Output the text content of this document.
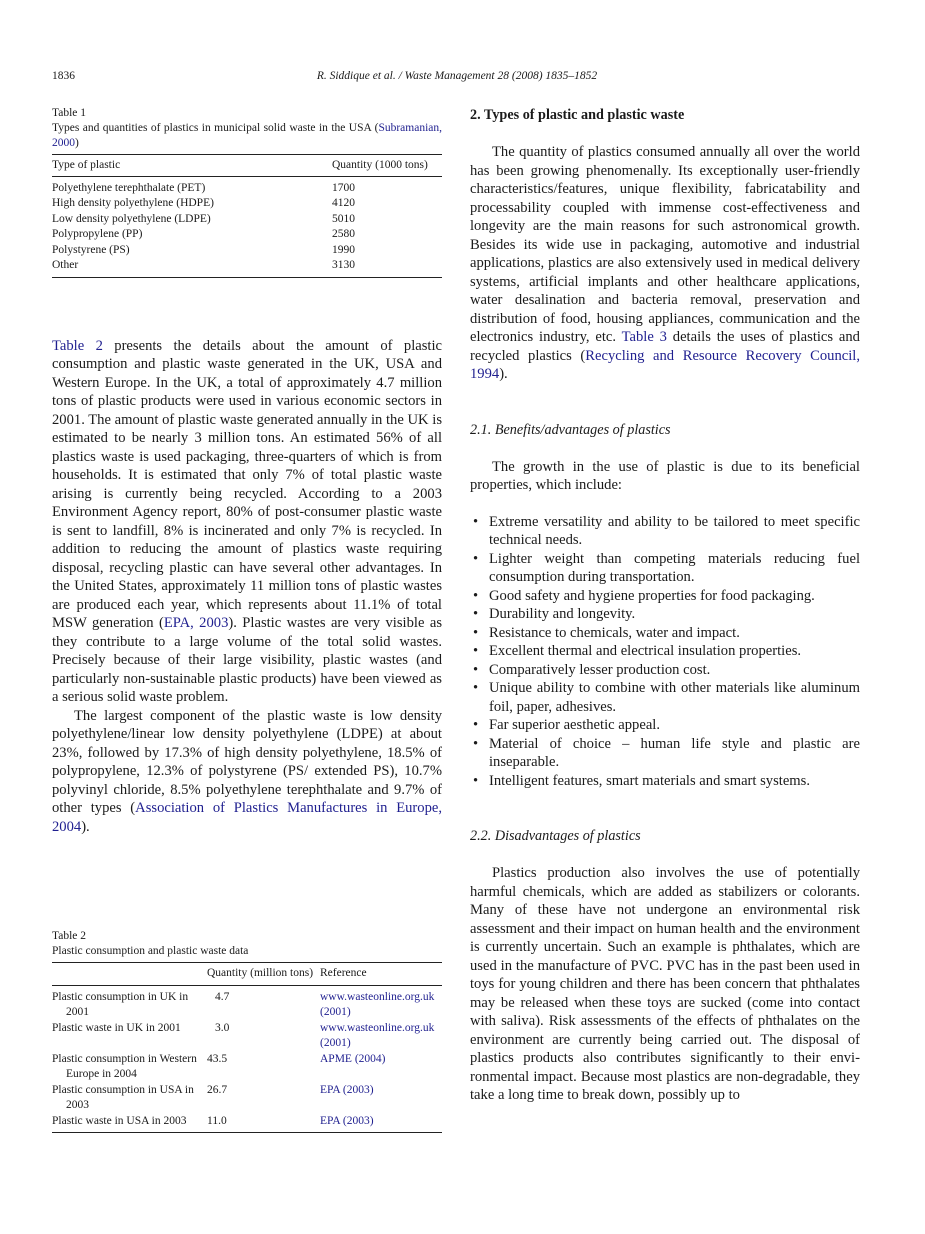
R. Siddique et al. / Waste Management 28 (2008) 1835–1852
1836
Table 1
Types and quantities of plastics in municipal solid waste in the USA (Subramanian, 2000)
Type of plastic	Quantity (1000 tons)
Polyethylene terephthalate (PET)	1700
High density polyethylene (HDPE)	4120
Low density polyethylene (LDPE)	5010
Polypropylene (PP)	2580
Polystyrene (PS)	1990
Other	3130

Table 2 presents the details about the amount of plastic consumption and plastic waste generated in the UK, USA and Western Europe. In the UK, a total of approximately 4.7 million tons of plastic products were used in various economic sectors in 2001. The amount of plastic waste generated annually in the UK is estimated to be nearly 3 million tons. An estimated 56% of all plastics waste is used packaging, three-quarters of which is from households. It is estimated that only 7% of total plastic waste arising is currently being recycled. According to a 2003 Environment Agency report, 80% of post-consumer plastic waste is sent to landfill, 8% is incinerated and only 7% is recycled. In addition to reducing the amount of plastics waste requiring disposal, recycling plastic can have several other advantages. In the United States, approximately 11 million tons of plastic wastes are produced each year, which represents about 11.1% of total MSW generation (EPA, 2003). Plastic wastes are very visible as they contribute to a large volume of the total solid wastes. Precisely because of their large visibility, plastic wastes (and particularly non-sustainable plastic products) have been viewed as a serious solid waste problem.

The largest component of the plastic waste is low density polyethylene/linear low density polyethylene (LDPE) at about 23%, followed by 17.3% of high density polyethylene, 18.5% of polypropylene, 12.3% of polystyrene (PS/ extended PS), 10.7% polyvinyl chloride, 8.5% polyethylene terephthalate and 9.7% of other types (Association of Plastics Manufactures in Europe, 2004).

Table 2
Plastic consumption and plastic waste data
	Quantity (million tons)	Reference

Plastic consumption in UK in 2001	4.7	www.wasteonline.org.uk (2001)

Plastic waste in UK in 2001	3.0	www.wasteonline.org.uk (2001)

Plastic consumption in Western Europe in 2004	43.5	APME (2004)

Plastic consumption in USA in 2003	26.7	EPA (2003)

Plastic waste in USA in 2003	11.0	EPA (2003)
2. Types of plastic and plastic waste

The quantity of plastics consumed annually all over the world has been growing phenomenally. Its exceptionally user-friendly characteristics/features, unique flexibility, fabricatability and processability coupled with immense cost-effectiveness and longevity are the main reasons for such astronomical growth. Besides its wide use in packaging, automotive and industrial applications, plastics are also extensively used in medical delivery systems, artificial implants and other healthcare applications, water desalination and bacteria removal, preservation and distribution of food, housing appliances, communication and the electronics industry, etc. Table 3 details the uses of plastics and recycled plastics (Recycling and Resource Recovery Council, 1994).

2.1. Benefits/advantages of plastics

The growth in the use of plastic is due to its beneficial properties, which include:

• Extreme versatility and ability to be tailored to meet specific technical needs.
• Lighter weight than competing materials reducing fuel consumption during transportation.
• Good safety and hygiene properties for food packaging.
• Durability and longevity.
• Resistance to chemicals, water and impact.
• Excellent thermal and electrical insulation properties.
• Comparatively lesser production cost.
• Unique ability to combine with other materials like aluminum foil, paper, adhesives.
• Far superior aesthetic appeal.
• Material of choice – human life style and plastic are inseparable.
• Intelligent features, smart materials and smart systems.
2.2. Disadvantages of plastics

Plastics production also involves the use of potentially harmful chemicals, which are added as stabilizers or colorants. Many of these have not undergone an environmental risk assessment and their impact on human health and the environment is currently uncertain. Such an example is phthalates, which are used in the manufacture of PVC. PVC has in the past been used in toys for young children and there has been concern that phthalates may be released when these toys are sucked (come into contact with saliva). Risk assessments of the effects of phthalates on the environment are currently being carried out. The disposal of plastics products also contributes significantly to their environmental impact. Because most plastics are non-degradable, they take a long time to break down, possibly up to
